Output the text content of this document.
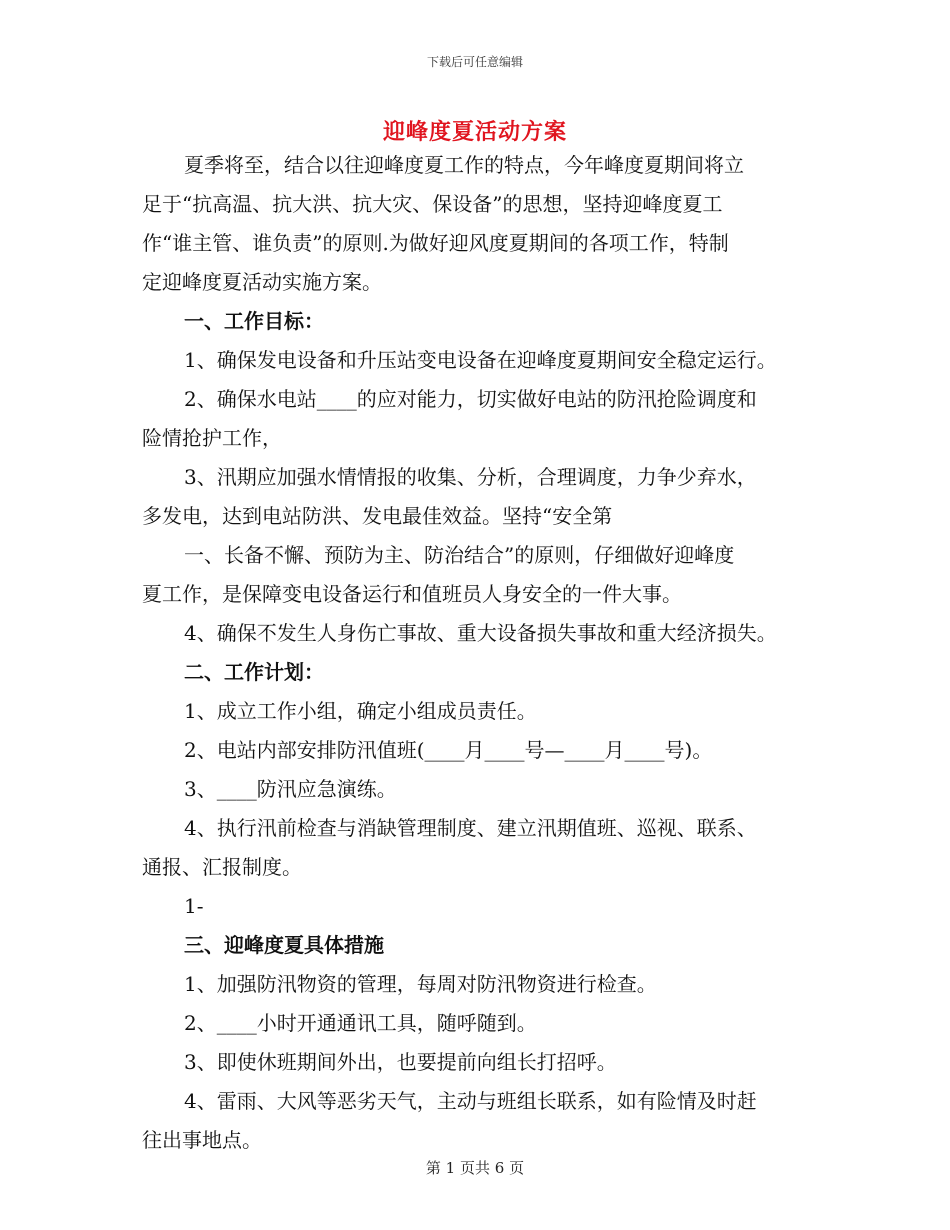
下载后可任意编辑
迎峰度夏活动方案

夏季将至，结合以往迎峰度夏工作的特点，今年峰度夏期间将立

足于“抗高温、抗大洪、抗大灾、保设备”的思想，坚持迎峰度夏工

作“谁主管、谁负责”的原则.为做好迎风度夏期间的各项工作，特制

定迎峰度夏活动实施方案。

一、工作目标：

1、确保发电设备和升压站变电设备在迎峰度夏期间安全稳定运行。

2、确保水电站____的应对能力，切实做好电站的防汛抢险调度和

险情抢护工作，

3、汛期应加强水情情报的收集、分析，合理调度，力争少弃水，

多发电，达到电站防洪、发电最佳效益。坚持“安全第

一、长备不懈、预防为主、防治结合”的原则，仔细做好迎峰度

夏工作，是保障变电设备运行和值班员人身安全的一件大事。

4、确保不发生人身伤亡事故、重大设备损失事故和重大经济损失。

二、工作计划：

1、成立工作小组，确定小组成员责任。

2、电站内部安排防汛值班(____月____号—____月____号)。

3、____防汛应急演练。

4、执行汛前检查与消缺管理制度、建立汛期值班、巡视、联系、

通报、汇报制度。

1-

三、迎峰度夏具体措施

1、加强防汛物资的管理，每周对防汛物资进行检查。

2、____小时开通通讯工具，随呼随到。

3、即使休班期间外出，也要提前向组长打招呼。

4、雷雨、大风等恶劣天气，主动与班组长联系，如有险情及时赶

往出事地点。

第 1 页共 6 页
